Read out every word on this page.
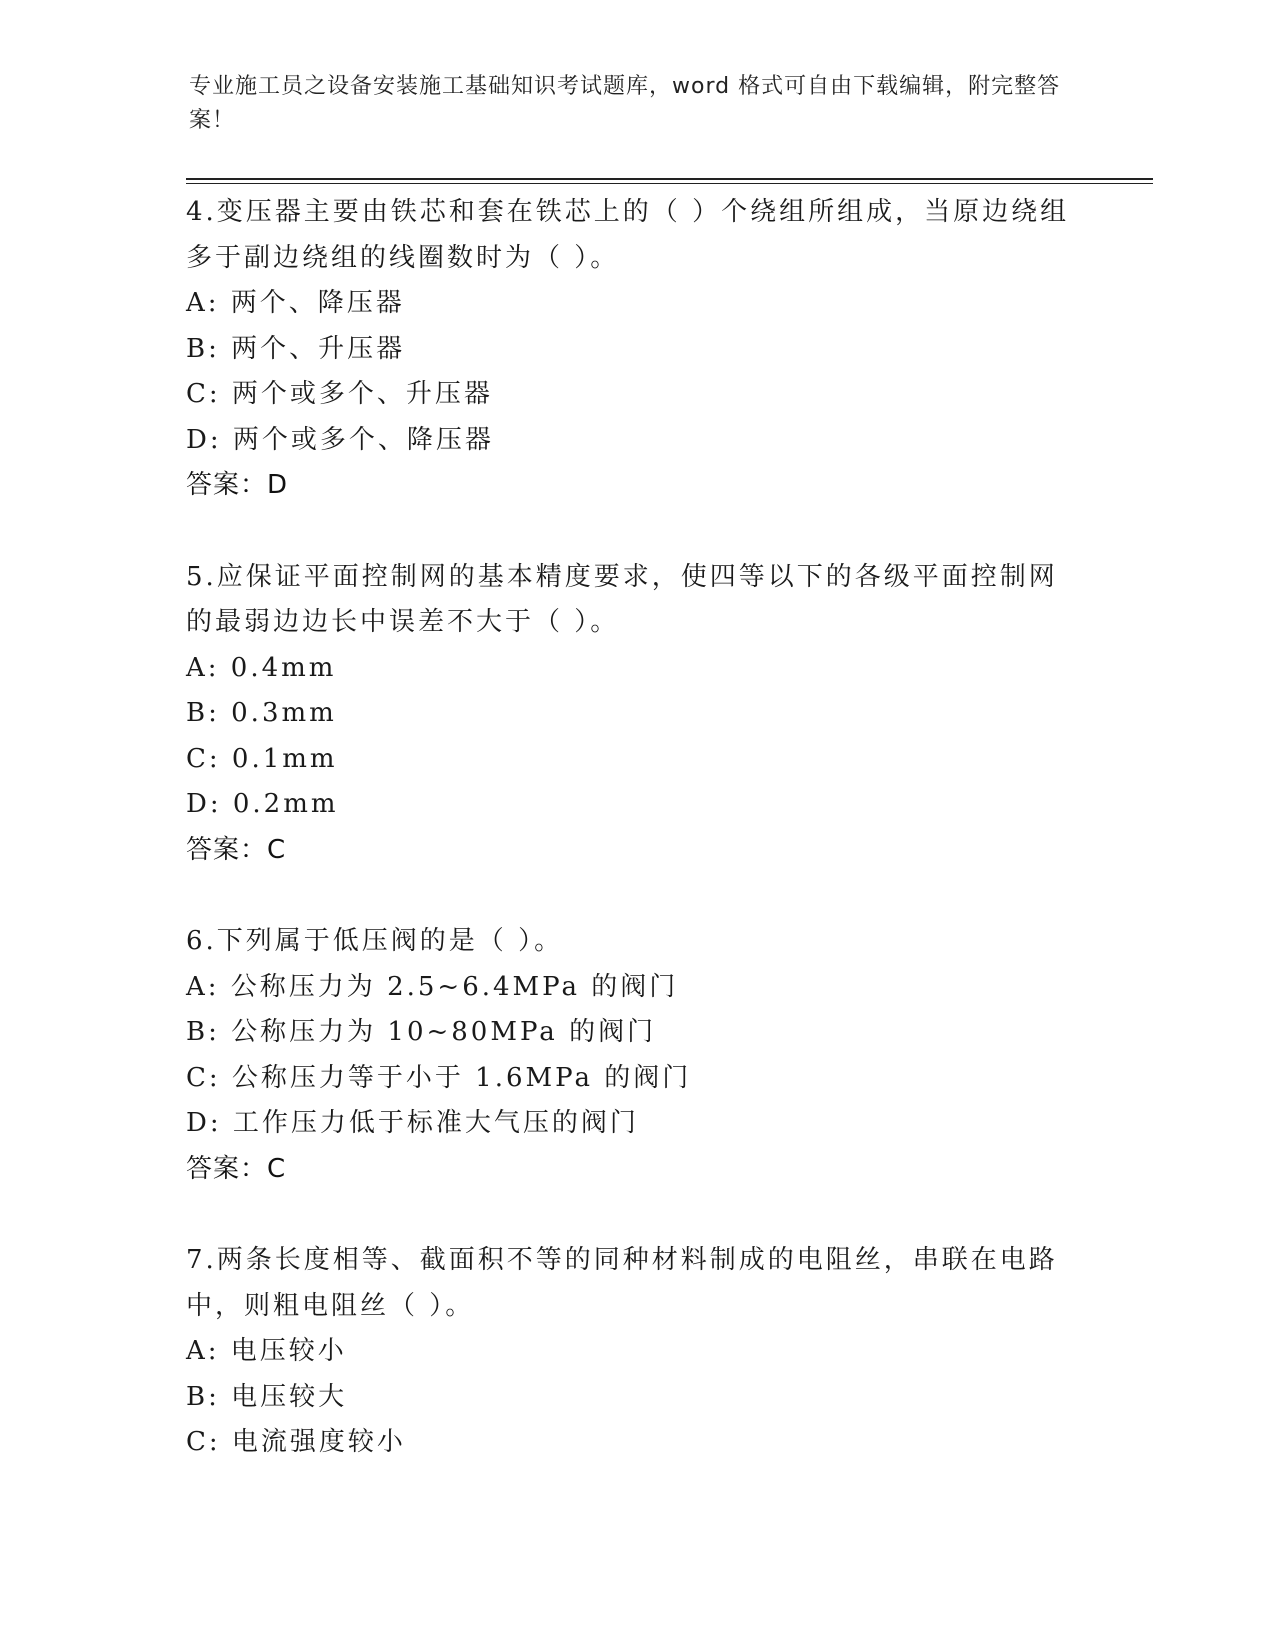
专业施工员之设备安装施工基础知识考试题库，word 格式可自由下载编辑，附完整答案！
4.变压器主要由铁芯和套在铁芯上的（ ）个绕组所组成，当原边绕组多于副边绕组的线圈数时为（ ）。
A: 两个、降压器
B: 两个、升压器
C: 两个或多个、升压器
D: 两个或多个、降压器
答案：D
5.应保证平面控制网的基本精度要求，使四等以下的各级平面控制网的最弱边边长中误差不大于（ ）。
A: 0.4mm
B: 0.3mm
C: 0.1mm
D: 0.2mm
答案：C
6.下列属于低压阀的是（ ）。
A: 公称压力为 2.5~6.4MPa 的阀门
B: 公称压力为 10~80MPa 的阀门
C: 公称压力等于小于 1.6MPa 的阀门
D: 工作压力低于标准大气压的阀门
答案：C
7.两条长度相等、截面积不等的同种材料制成的电阻丝，串联在电路中，则粗电阻丝（ ）。
A: 电压较小
B: 电压较大
C: 电流强度较小
